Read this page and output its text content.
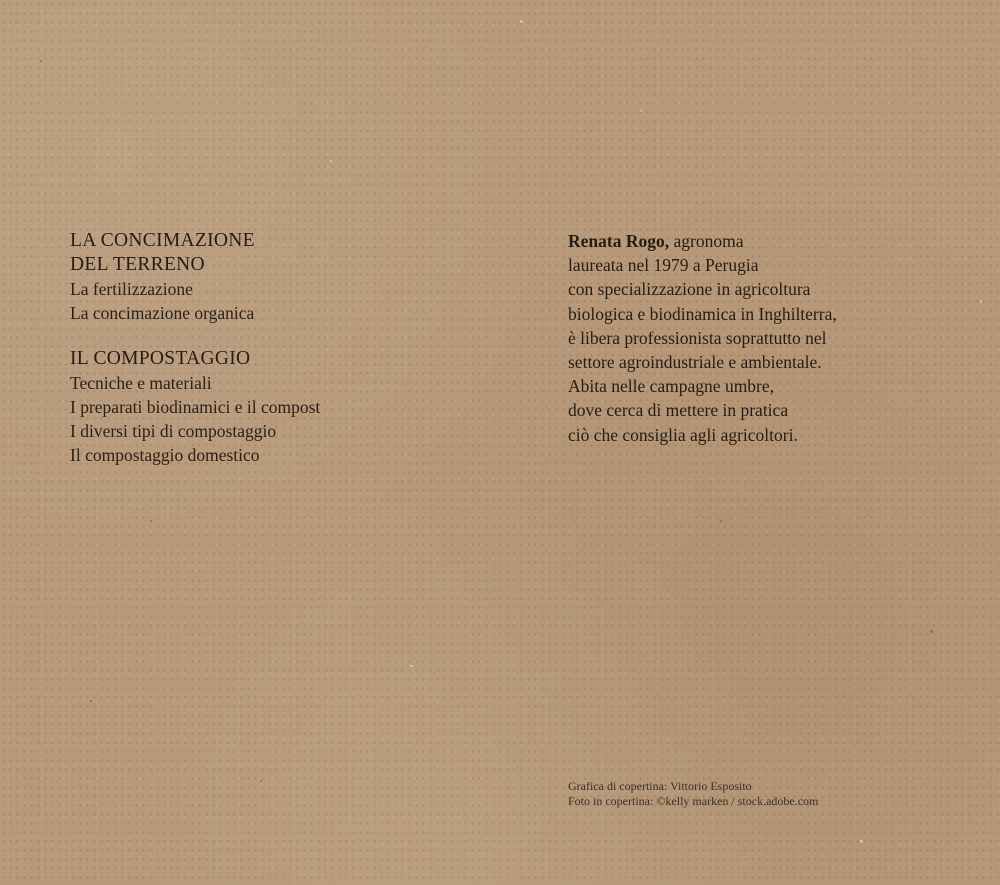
LA CONCIMAZIONE
DEL TERRENO
La fertilizzazione
La concimazione organica
IL COMPOSTAGGIO
Tecniche e materiali
I preparati biodinamici e il compost
I diversi tipi di compostaggio
Il compostaggio domestico
Renata Rogo, agronoma
laureata nel 1979 a Perugia
con specializzazione in agricoltura
biologica e biodinamica in Inghilterra,
è libera professionista soprattutto nel
settore agroindustriale e ambientale.
Abita nelle campagne umbre,
dove cerca di mettere in pratica
ciò che consiglia agli agricoltori.
Grafica di copertina: Vittorio Esposito
Foto in copertina: ©kelly marken / stock.adobe.com
